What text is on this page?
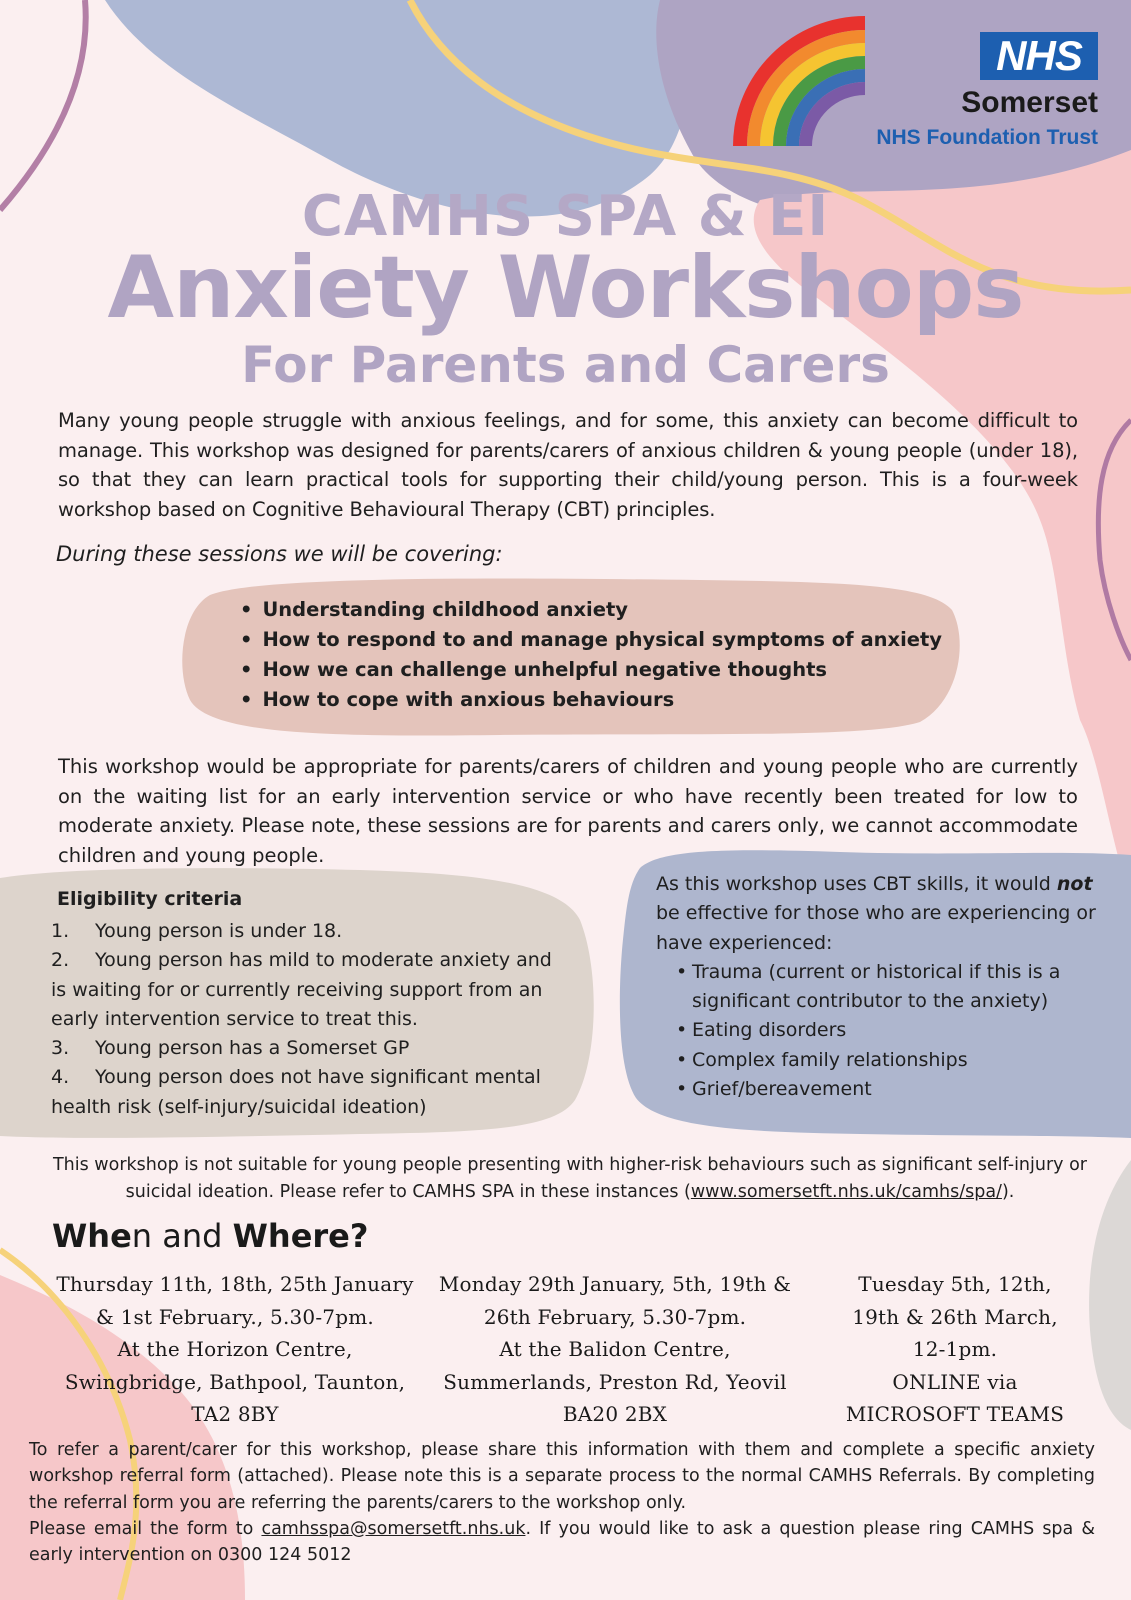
NHS
Somerset
NHS Foundation Trust
CAMHS SPA & EI
Anxiety Workshops
For Parents and Carers

Many young people struggle with anxious feelings, and for some, this anxiety can become difficult to manage. This workshop was designed for parents/carers of anxious children & young people (under 18), so that they can learn practical tools for supporting their child/young person. This is a four-week workshop based on Cognitive Behavioural Therapy (CBT) principles.

During these sessions we will be covering:
• Understanding childhood anxiety
• How to respond to and manage physical symptoms of anxiety
• How we can challenge unhelpful negative thoughts
• How to cope with anxious behaviours

This workshop would be appropriate for parents/carers of children and young people who are currently on the waiting list for an early intervention service or who have recently been treated for low to moderate anxiety. Please note, these sessions are for parents and carers only, we cannot accommodate children and young people.

Eligibility criteria
1. Young person is under 18.
2. Young person has mild to moderate anxiety and is waiting for or currently receiving support from an early intervention service to treat this.
3. Young person has a Somerset GP
4. Young person does not have significant mental health risk (self-injury/suicidal ideation)

As this workshop uses CBT skills, it would not be effective for those who are experiencing or have experienced:

• Trauma (current or historical if this is a significant contributor to the anxiety)
• Eating disorders
• Complex family relationships
• Grief/bereavement

This workshop is not suitable for young people presenting with higher-risk behaviours such as significant self-injury or suicidal ideation. Please refer to CAMHS SPA in these instances (www.somersetft.nhs.uk/camhs/spa/).

When and Where?
Thursday 11th, 18th, 25th January
& 1st February., 5.30-7pm.
At the Horizon Centre,
Swingbridge, Bathpool, Taunton,
TA2 8BY
Monday 29th January, 5th, 19th &
26th February, 5.30-7pm.
At the Balidon Centre,
Summerlands, Preston Rd, Yeovil
BA20 2BX
Tuesday 5th, 12th,
19th & 26th March,
12-1pm.
ONLINE via
MICROSOFT TEAMS

To refer a parent/carer for this workshop, please share this information with them and complete a specific anxiety workshop referral form (attached). Please note this is a separate process to the normal CAMHS Referrals. By completing the referral form you are referring the parents/carers to the workshop only.

Please email the form to camhsspa@somersetft.nhs.uk. If you would like to ask a question please ring CAMHS spa & early intervention on 0300 124 5012
